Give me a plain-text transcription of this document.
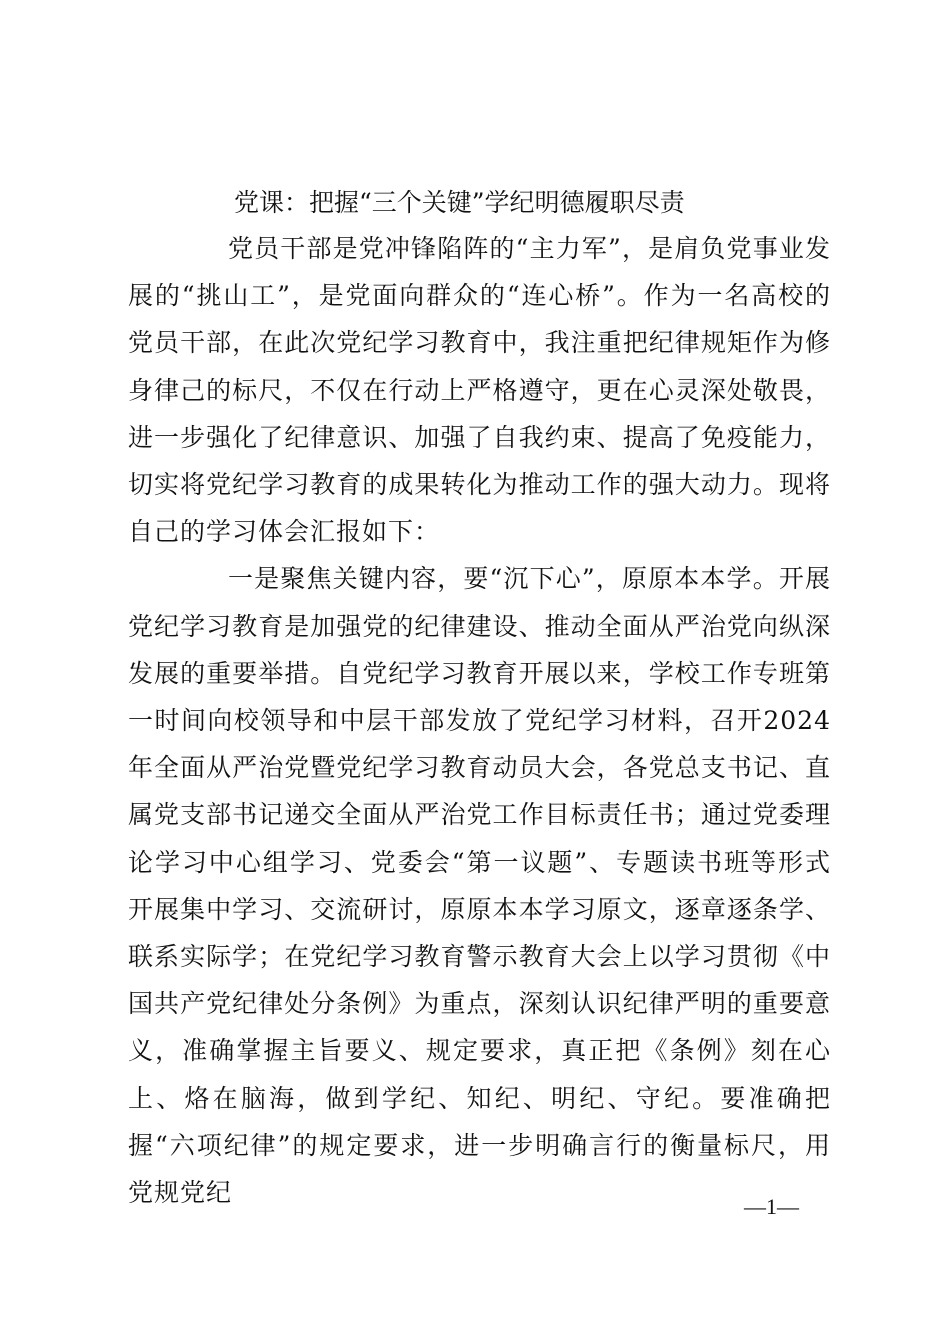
党课：把握“三个关键”学纪明德履职尽责

党员干部是党冲锋陷阵的“主力军”，是肩负党事业发展的“挑山工”，是党面向群众的“连心桥”。作为一名高校的党员干部，在此次党纪学习教育中，我注重把纪律规矩作为修身律己的标尺，不仅在行动上严格遵守，更在心灵深处敬畏，进一步强化了纪律意识、加强了自我约束、提高了免疫能力，切实将党纪学习教育的成果转化为推动工作的强大动力。现将自己的学习体会汇报如下：

一是聚焦关键内容，要“沉下心”，原原本本学。开展党纪学习教育是加强党的纪律建设、推动全面从严治党向纵深发展的重要举措。自党纪学习教育开展以来，学校工作专班第一时间向校领导和中层干部发放了党纪学习材料，召开2024年全面从严治党暨党纪学习教育动员大会，各党总支书记、直属党支部书记递交全面从严治党工作目标责任书；通过党委理论学习中心组学习、党委会“第一议题”、专题读书班等形式开展集中学习、交流研讨，原原本本学习原文，逐章逐条学、联系实际学；在党纪学习教育警示教育大会上以学习贯彻《中国共产党纪律处分条例》为重点，深刻认识纪律严明的重要意义，准确掌握主旨要义、规定要求，真正把《条例》刻在心上、烙在脑海，做到学纪、知纪、明纪、守纪。要准确把握“六项纪律”的规定要求，进一步明确言行的衡量标尺，用党规党纪	—1—
